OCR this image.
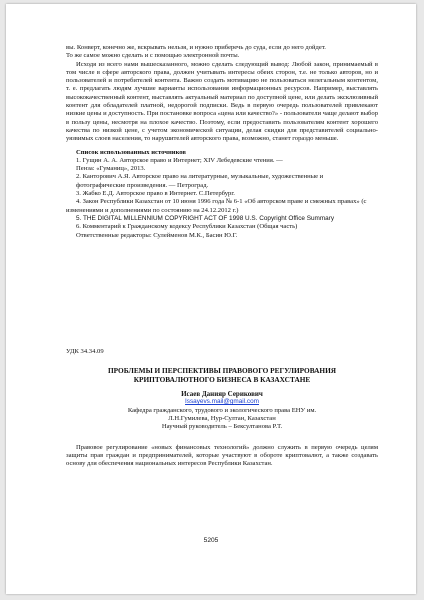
вы. Конверт, конечно же, вскрывать нельзя, и нужно приберечь до суда, если до него дойдет.

То же самое можно сделать и с помощью электронной почты.

Исходя из всего нами вышесказанного, можно сделать следующий вывод: Любой закон, принимаемый в том числе в сфере авторского права, должен учитывать интересы обеих сторон, т.е. не только авторов, но и пользователей и потребителей контента. Важно создать мотивацию не пользоваться нелегальным контентом, т. е. предлагать людям лучшие варианты использования информационных ресурсов. Например, выставлять высококачественный контент, выставлять актуальный материал по доступной цене, или делать эксклюзивный контент для обладателей платной, недорогой подписки. Ведь в первую очередь пользователей привлекают низкие цены и доступность. При постановке вопроса «цена или качество?» - пользователи чаще делают выбор в пользу цены, несмотря на плохое качество. Поэтому, если предоставить пользователям контент хорошего качества по низкой цене, с учетом экономической ситуации, делая скидки для представителей социально-уязвимых слоев населения, то нарушителей авторского права, возможно, станет гораздо меньше.

Список использованных источников

1. Гущин А. А. Авторское право и Интернет; XIV Лебедевские чтения. —

Пенза: «Гуманиц», 2013.

2. Канторович А.Я. Авторское право на литературные, музыкальные, художественные и

фотографические произведения. — Петроград.

3. Жабко Е.Д. Авторское право в Интернет. С.Петербург.

4. Закон Республики Казахстан от 10 июня 1996 года № 6-1 «Об авторском праве и смежных правах» (с изменениями и дополнениями по состоянию на 24.12.2012 г.)

5. THE DIGITAL MILLENNIUM COPYRIGHT ACT OF 1998 U.S. Copyright Office Summary

6. Комментарий к Гражданскому кодексу Республики Казахстан (Общая часть)

Ответственные редакторы: Сулейменов М.К., Басин Ю.Г.

УДК 34.34.09

ПРОБЛЕМЫ И ПЕРСПЕКТИВЫ ПРАВОВОГО РЕГУЛИРОВАНИЯ
КРИПТОВАЛЮТНОГО БИЗНЕСА В КАЗАХСТАНЕ
Исаев Данияр Серикович
Issayevs.mail@gmail.com
Кафедра гражданского, трудового и экологического права ЕНУ им.
Л.Н.Гумилева, Нур-Султан, Казахстан
Научный руководитель – Бексултанова Р.Т.

Правовое регулирование «новых финансовых технологий» должно служить в первую очередь целям защиты прав граждан и предпринимателей, которые участвуют в обороте криптовалют, а также создавать основу для обеспечения национальных интересов Республики Казахстан.

5205
